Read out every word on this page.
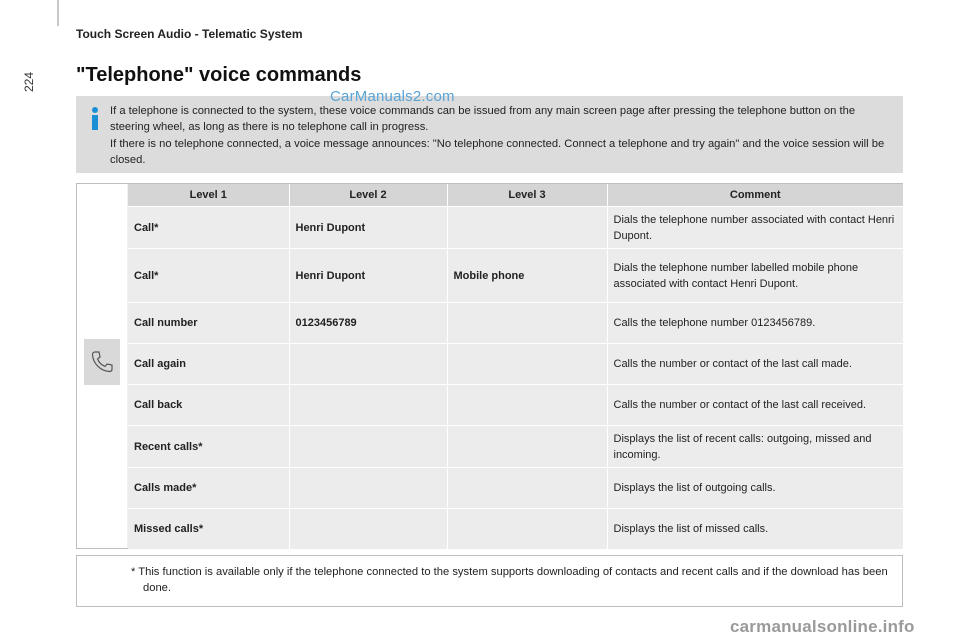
224
Touch Screen Audio - Telematic System
"Telephone" voice commands

If a telephone is connected to the system, these voice commands can be issued from any main screen page after pressing the telephone button on the steering wheel, as long as there is no telephone call in progress.

If there is no telephone connected, a voice message announces: "No telephone connected. Connect a telephone and try again" and the voice session will be closed.

CarManuals2.com
Level 1	Level 2	Level 3	Comment
Call*	Henri Dupont		Dials the telephone number associated with contact Henri Dupont.
Call*	Henri Dupont	Mobile phone	Dials the telephone number labelled mobile phone associated with contact Henri Dupont.
Call number	0123456789		Calls the telephone number 0123456789.
Call again			Calls the number or contact of the last call made.
Call back			Calls the number or contact of the last call received.
Recent calls*			Displays the list of recent calls: outgoing, missed and incoming.
Calls made*			Displays the list of outgoing calls.
Missed calls*			Displays the list of missed calls.
* This function is available only if the telephone connected to the system supports downloading of contacts and recent calls and if the download has been done.
carmanualsonline.info
